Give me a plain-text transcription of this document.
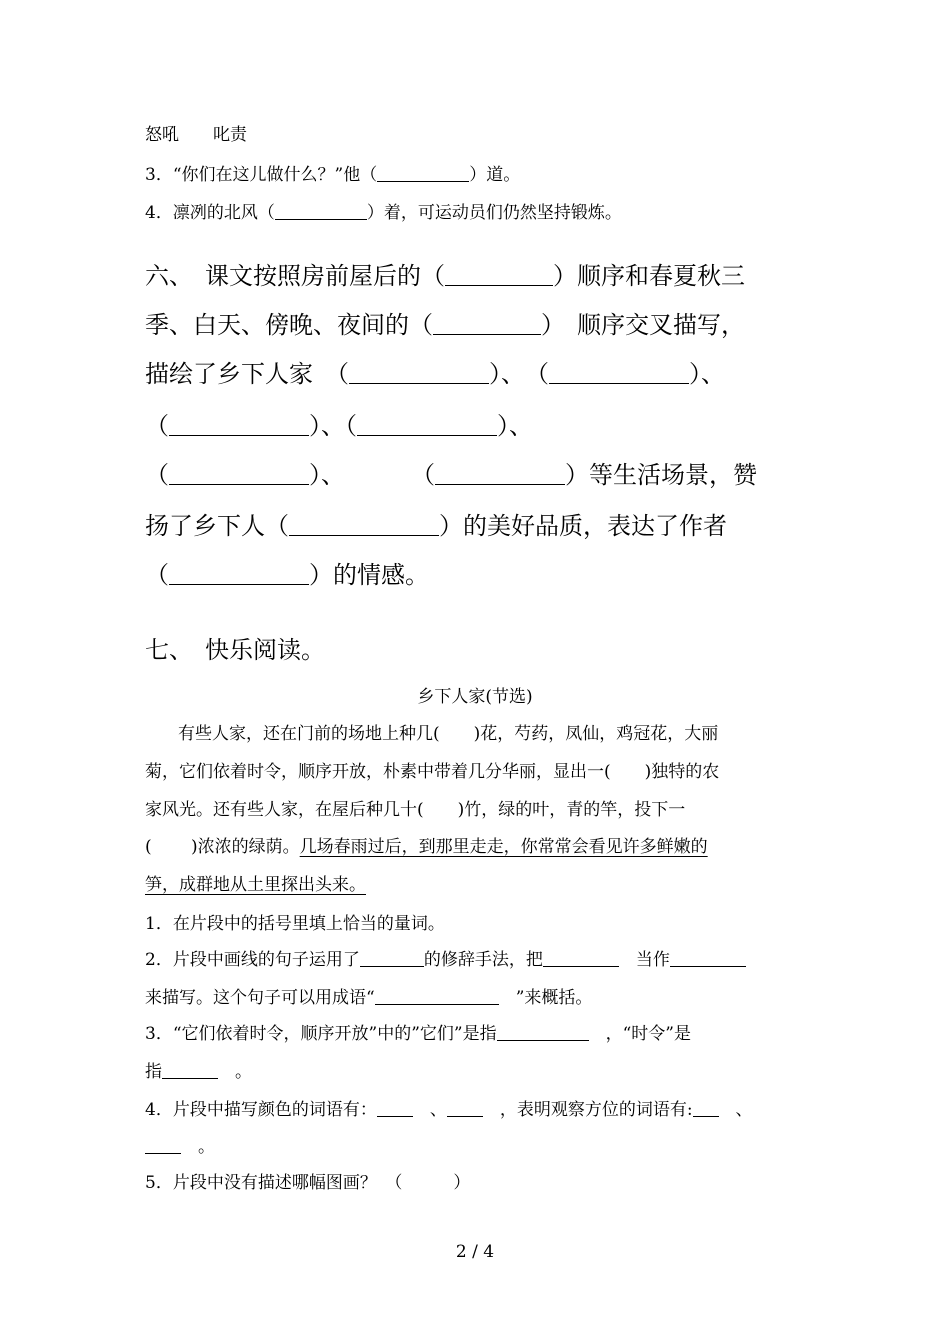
怒吼　　叱责
3．“你们在这儿做什么？”他（	）道。
4．凛冽的北风（	）着，可运动员们仍然坚持锻炼。
六、　课文按照房前屋后的（	）顺序和春夏秋三
季、白天、傍晚、夜间的（	）　顺序交叉描写，
描绘了乡下人家　（	）、　（	）、
（	）、（	）、
（	）、	（	）等生活场景，赞
扬了乡下人（	）的美好品质，表达了作者
（	）的情感。
七、　快乐阅读。
乡下人家(节选)
有些人家，还在门前的场地上种几(　　)花，芍药，凤仙，鸡冠花，大丽
菊，它们依着时令，顺序开放，朴素中带着几分华丽，显出一(　　)独特的农
家风光。还有些人家，在屋后种几十(　　)竹，绿的叶，青的竿，投下一
(　　 )浓浓的绿荫。几场春雨过后，到那里走走，你常常会看见许多鲜嫩的
笋，成群地从土里探出头来。
1．在片段中的括号里填上恰当的量词。
2．片段中画线的句子运用了	的修辞手法，把	　当作
来描写。这个句子可以用成语“	　”来概括。
3．“它们依着时令，顺序开放”中的”它们”是指	　，“时令”是
指	　。
4．片段中描写颜色的词语有：　、　，表明观察方位的词语有:　、
　。
5．片段中没有描述哪幅图画？　（　　　）
2 / 4
